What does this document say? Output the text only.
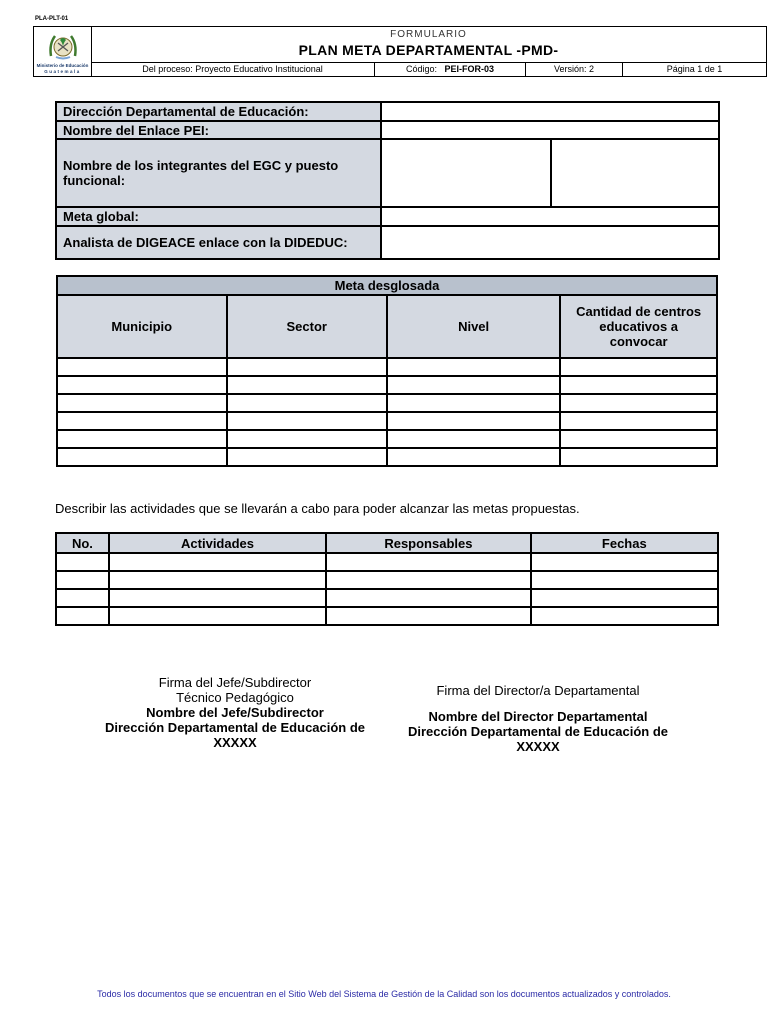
PLA-PLT-01
Ministerio de Educación
Guatemala
FORMULARIO
PLAN META DEPARTAMENTAL -PMD-
Del proceso: Proyecto Educativo Institucional	Código: PEI-FOR-03	Versión: 2	Página 1 de 1
Dirección Departamental de Educación:		
Nombre del Enlace PEI:		
Nombre de los integrantes del EGC y puesto funcional:		
Meta global:		
Analista de DIGEACE enlace con la DIDEDUC:		
Meta desglosada			
Municipio	Sector	Nivel	Cantidad de centros educativos a convocar

Describir las actividades que se llevarán a cabo para poder alcanzar las metas propuestas.
No.	Actividades	Responsables	Fechas

Firma del Jefe/Subdirector Técnico Pedagógico
Nombre del Jefe/Subdirector
Dirección Departamental de Educación de XXXXX
Firma del Director/a Departamental
Nombre del Director Departamental
Dirección Departamental de Educación de XXXXX
Todos los documentos que se encuentran en el Sitio Web del Sistema de Gestión de la Calidad son los documentos actualizados y controlados.
